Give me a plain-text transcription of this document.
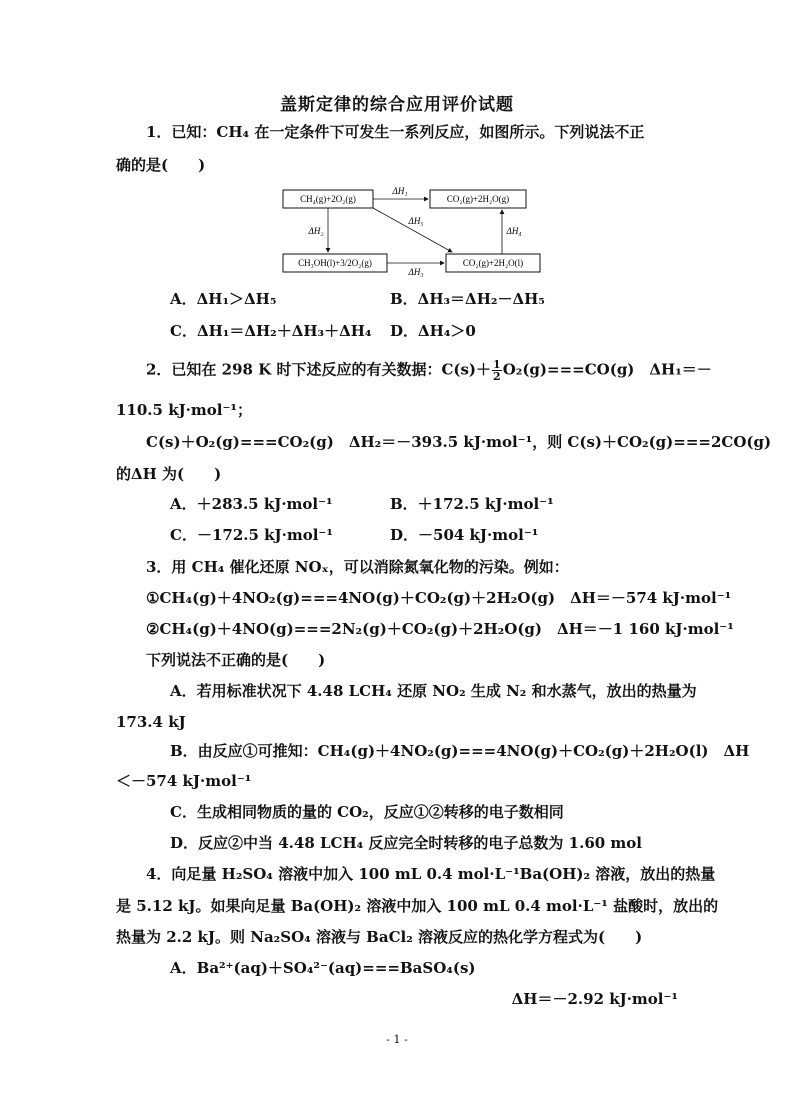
盖斯定律的综合应用评价试题
1．已知：CH₄ 在一定条件下可发生一系列反应，如图所示。下列说法不正
确的是(　　)
CH₄(g)+2O₂(g)	CO₂(g)+2H₂O(g)
CH₃OH(l)+3/2O₂(g)	CO₂(g)+2H₂O(l)
ΔH₁
ΔH₂
ΔH₃
ΔH₄
ΔH₅
A．ΔH₁＞ΔH₅	B．ΔH₃＝ΔH₂－ΔH₅
C．ΔH₁＝ΔH₂＋ΔH₃＋ΔH₄ D．ΔH₄＞0
2．已知在 298 K 时下述反应的有关数据：$C(s)+ \frac{1}{2} O_2(g)===CO(g)$　ΔH₁＝－
110.5 kJ·mol⁻¹；
C(s)＋O₂(g)===CO₂(g)　ΔH₂＝－393.5 kJ·mol⁻¹，则 C(s)＋CO₂(g)===2CO(g)
的ΔH 为(　　)
A．＋283.5 kJ·mol⁻¹	B．＋172.5 kJ·mol⁻¹
C．－172.5 kJ·mol⁻¹	D．－504 kJ·mol⁻¹
3．用 CH₄ 催化还原 NOₓ，可以消除氮氧化物的污染。例如：
①CH₄(g)＋4NO₂(g)===4NO(g)＋CO₂(g)＋2H₂O(g)　ΔH＝－574 kJ·mol⁻¹
②CH₄(g)＋4NO(g)===2N₂(g)＋CO₂(g)＋2H₂O(g)　ΔH＝－1 160 kJ·mol⁻¹
下列说法不正确的是(　　)
A．若用标准状况下 4.48 LCH₄ 还原 NO₂ 生成 N₂ 和水蒸气，放出的热量为
173.4 kJ
B．由反应①可推知：CH₄(g)＋4NO₂(g)===4NO(g)＋CO₂(g)＋2H₂O(l)　ΔH
＜－574 kJ·mol⁻¹
C．生成相同物质的量的 CO₂，反应①②转移的电子数相同
D．反应②中当 4.48 LCH₄ 反应完全时转移的电子总数为 1.60 mol
4．向足量 H₂SO₄ 溶液中加入 100 mL 0.4 mol·L⁻¹Ba(OH)₂ 溶液，放出的热量
是 5.12 kJ。如果向足量 Ba(OH)₂ 溶液中加入 100 mL 0.4 mol·L⁻¹ 盐酸时，放出的
热量为 2.2 kJ。则 Na₂SO₄ 溶液与 BaCl₂ 溶液反应的热化学方程式为(　　)
A．Ba²⁺(aq)＋SO₄²⁻(aq)===BaSO₄(s)
ΔH＝－2.92 kJ·mol⁻¹
- 1 -
